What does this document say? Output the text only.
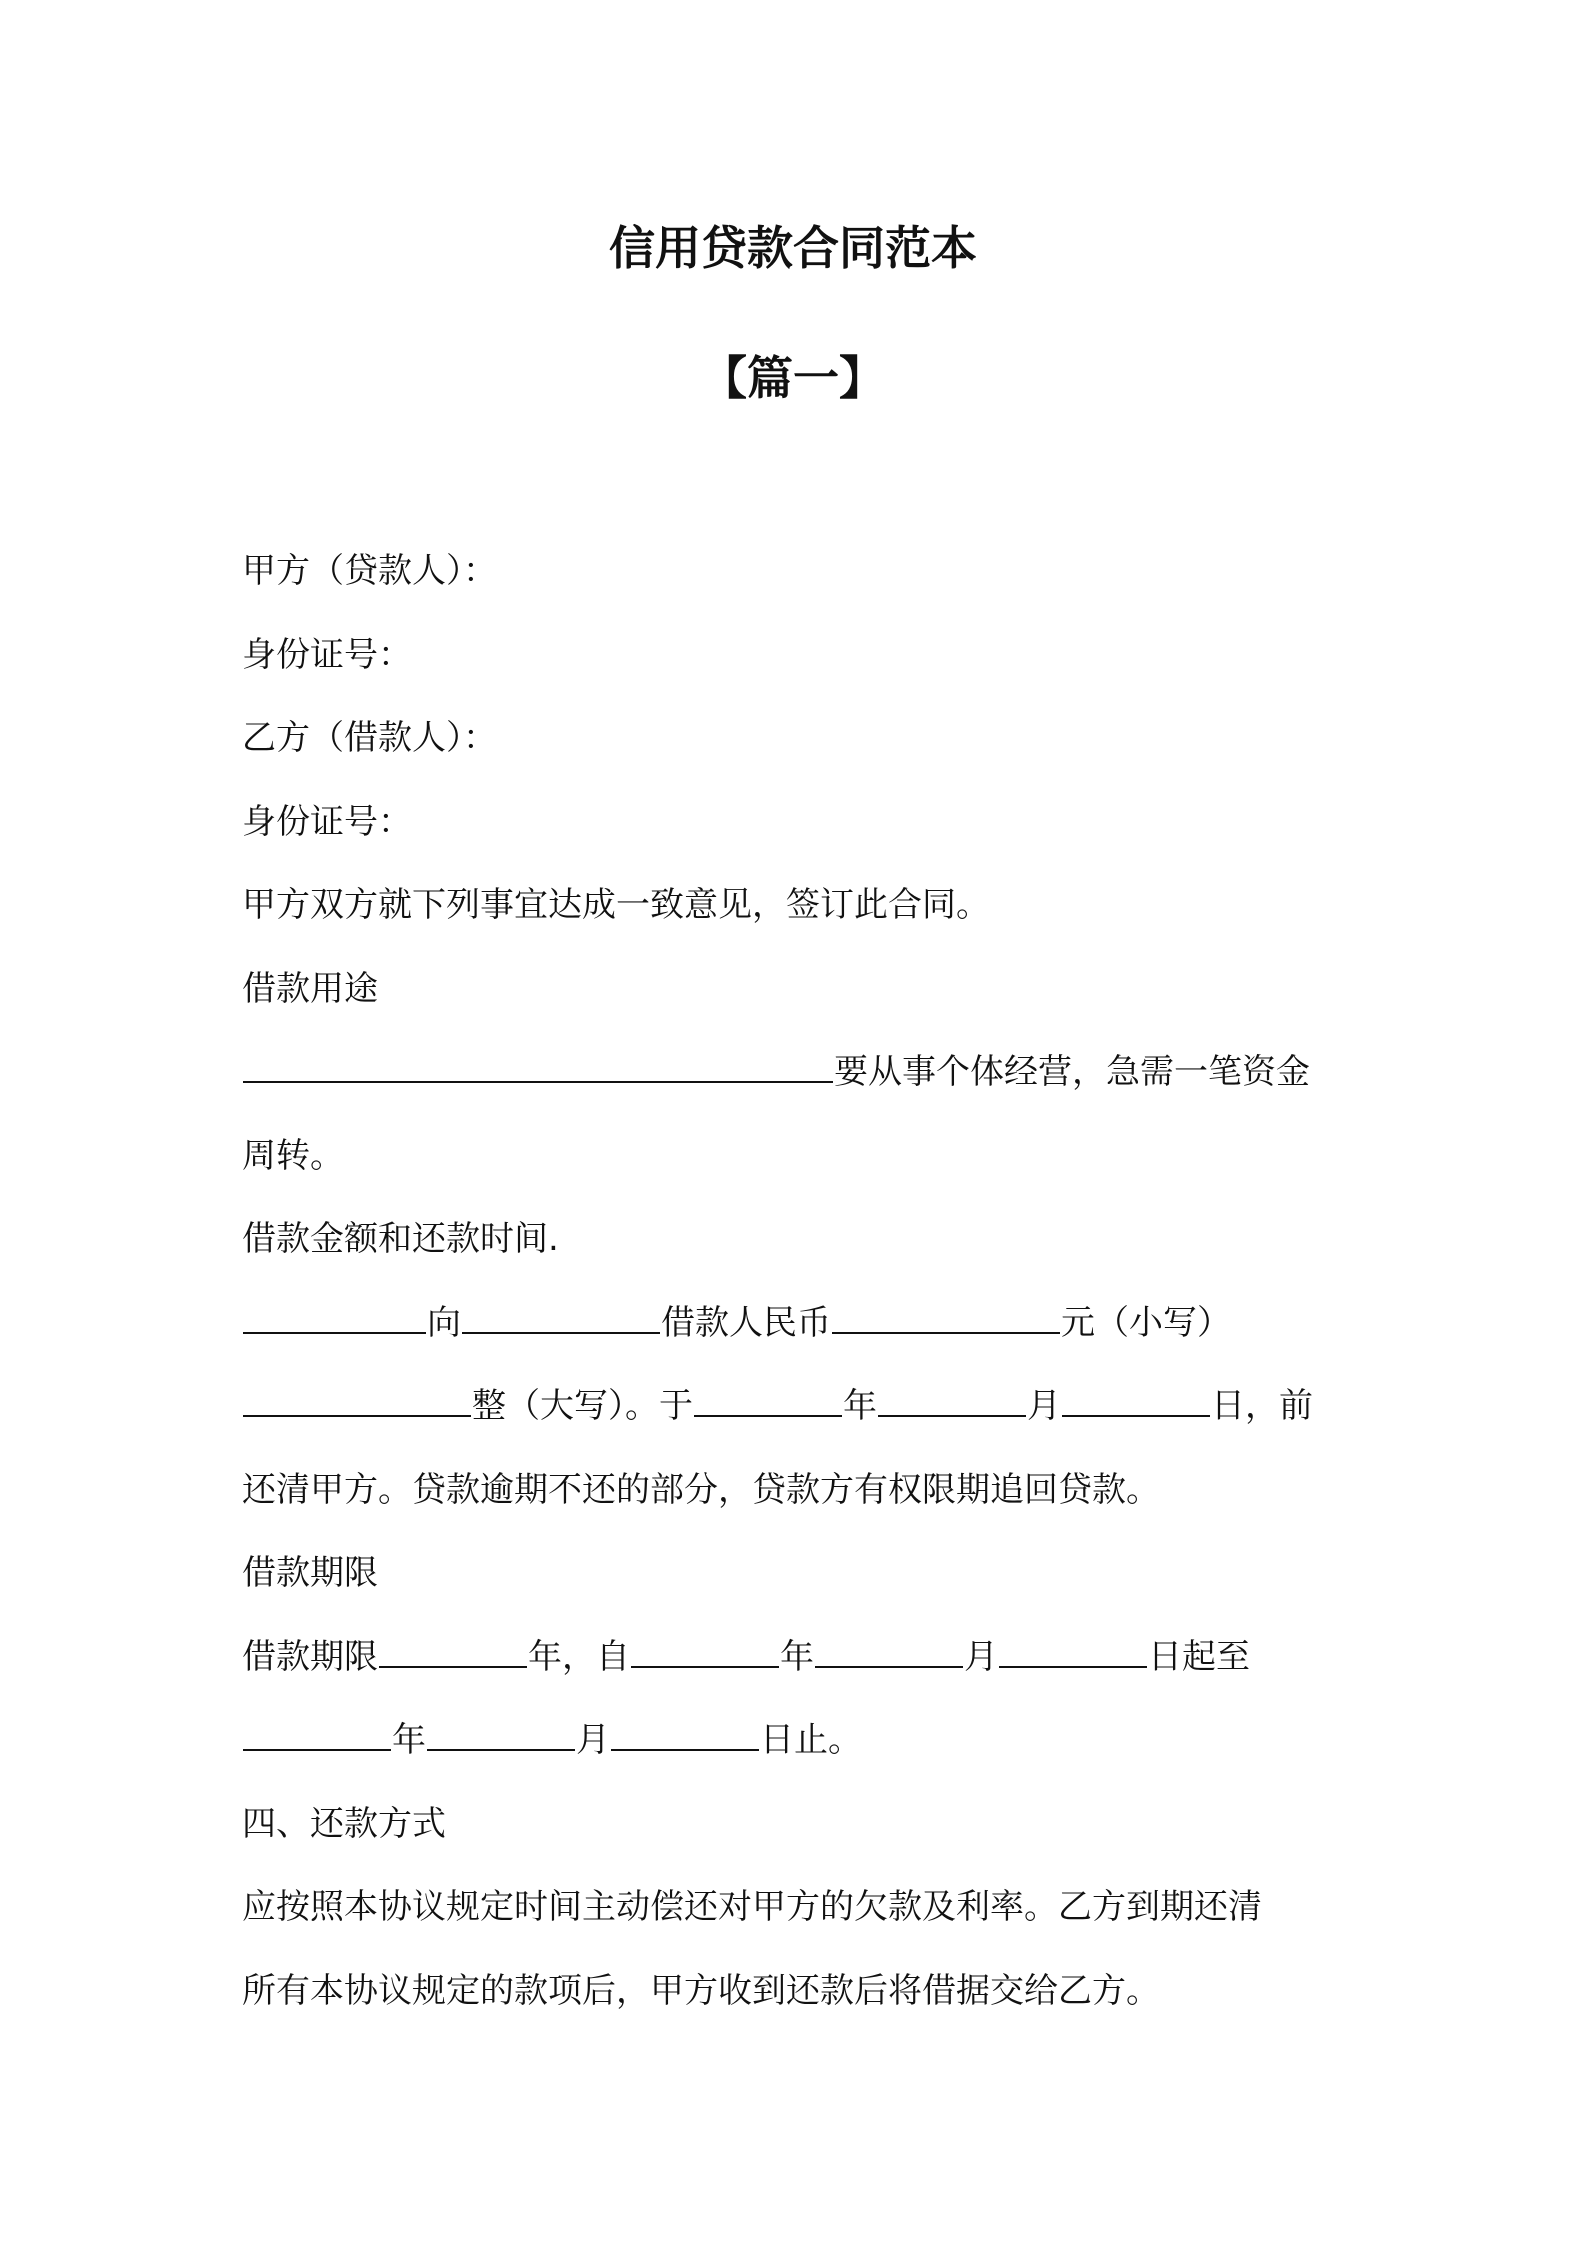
信用贷款合同范本
【篇一】
甲方（贷款人）：
身份证号：
乙方（借款人）：
身份证号：
甲方双方就下列事宜达成一致意见，签订此合同。
借款用途
要从事个体经营，急需一笔资金
周转。
借款金额和还款时间.
向	借款人民币	元（小写）
整（大写）。于	年	月	日，前
还清甲方。贷款逾期不还的部分，贷款方有权限期追回贷款。
借款期限
借款期限	年，自	年	月	日起至
年	月	日止。
四、还款方式
应按照本协议规定时间主动偿还对甲方的欠款及利率。乙方到期还清
所有本协议规定的款项后，甲方收到还款后将借据交给乙方。
